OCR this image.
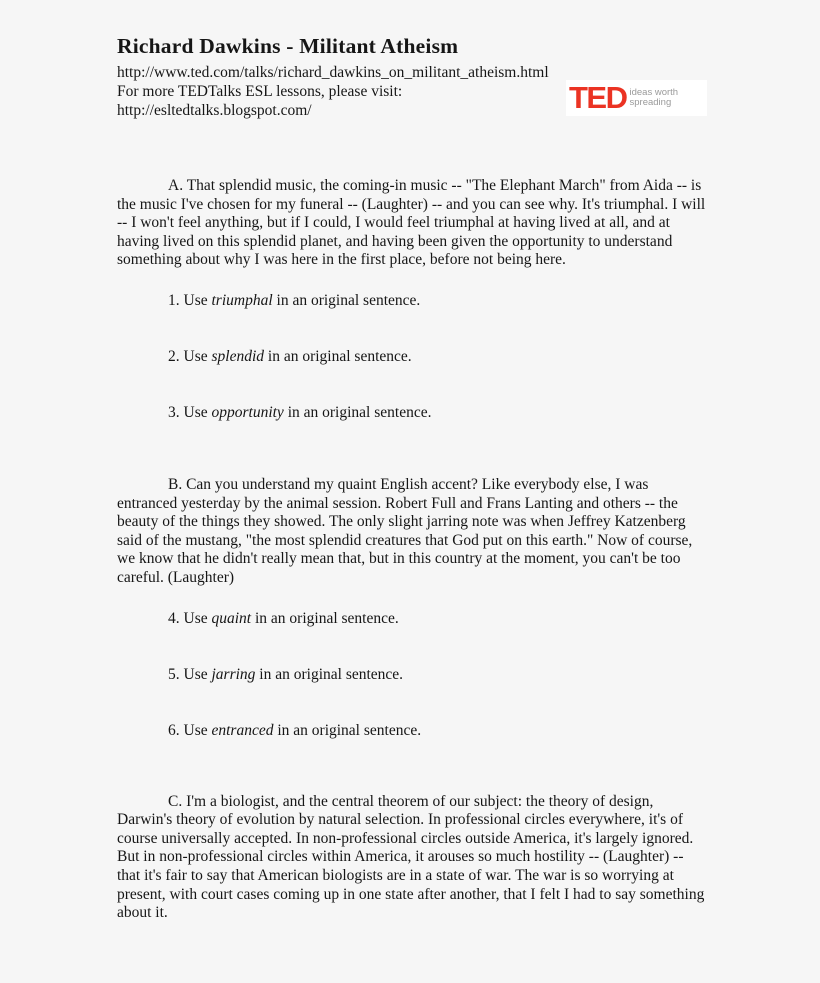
Richard Dawkins - Militant Atheism
http://www.ted.com/talks/richard_dawkins_on_militant_atheism.html
For more TEDTalks ESL lessons, please visit:
http://esltedtalks.blogspot.com/	TED ideas worth
spreading

A. That splendid music, the coming-in music -- "The Elephant March" from Aida -- is the music I've chosen for my funeral -- (Laughter) -- and you can see why. It's triumphal. I will -- I won't feel anything, but if I could, I would feel triumphal at having lived at all, and at having lived on this splendid planet, and having been given the opportunity to understand something about why I was here in the first place, before not being here.

1. Use triumphal in an original sentence.
2. Use splendid in an original sentence.
3. Use opportunity in an original sentence.

B. Can you understand my quaint English accent? Like everybody else, I was entranced yesterday by the animal session. Robert Full and Frans Lanting and others -- the beauty of the things they showed. The only slight jarring note was when Jeffrey Katzenberg said of the mustang, "the most splendid creatures that God put on this earth." Now of course, we know that he didn't really mean that, but in this country at the moment, you can't be too careful. (Laughter)

4. Use quaint in an original sentence.
5. Use jarring in an original sentence.
6. Use entranced in an original sentence.

C. I'm a biologist, and the central theorem of our subject: the theory of design, Darwin's theory of evolution by natural selection. In professional circles everywhere, it's of course universally accepted. In non-professional circles outside America, it's largely ignored. But in non-professional circles within America, it arouses so much hostility -- (Laughter) -- that it's fair to say that American biologists are in a state of war. The war is so worrying at present, with court cases coming up in one state after another, that I felt I had to say something about it.
